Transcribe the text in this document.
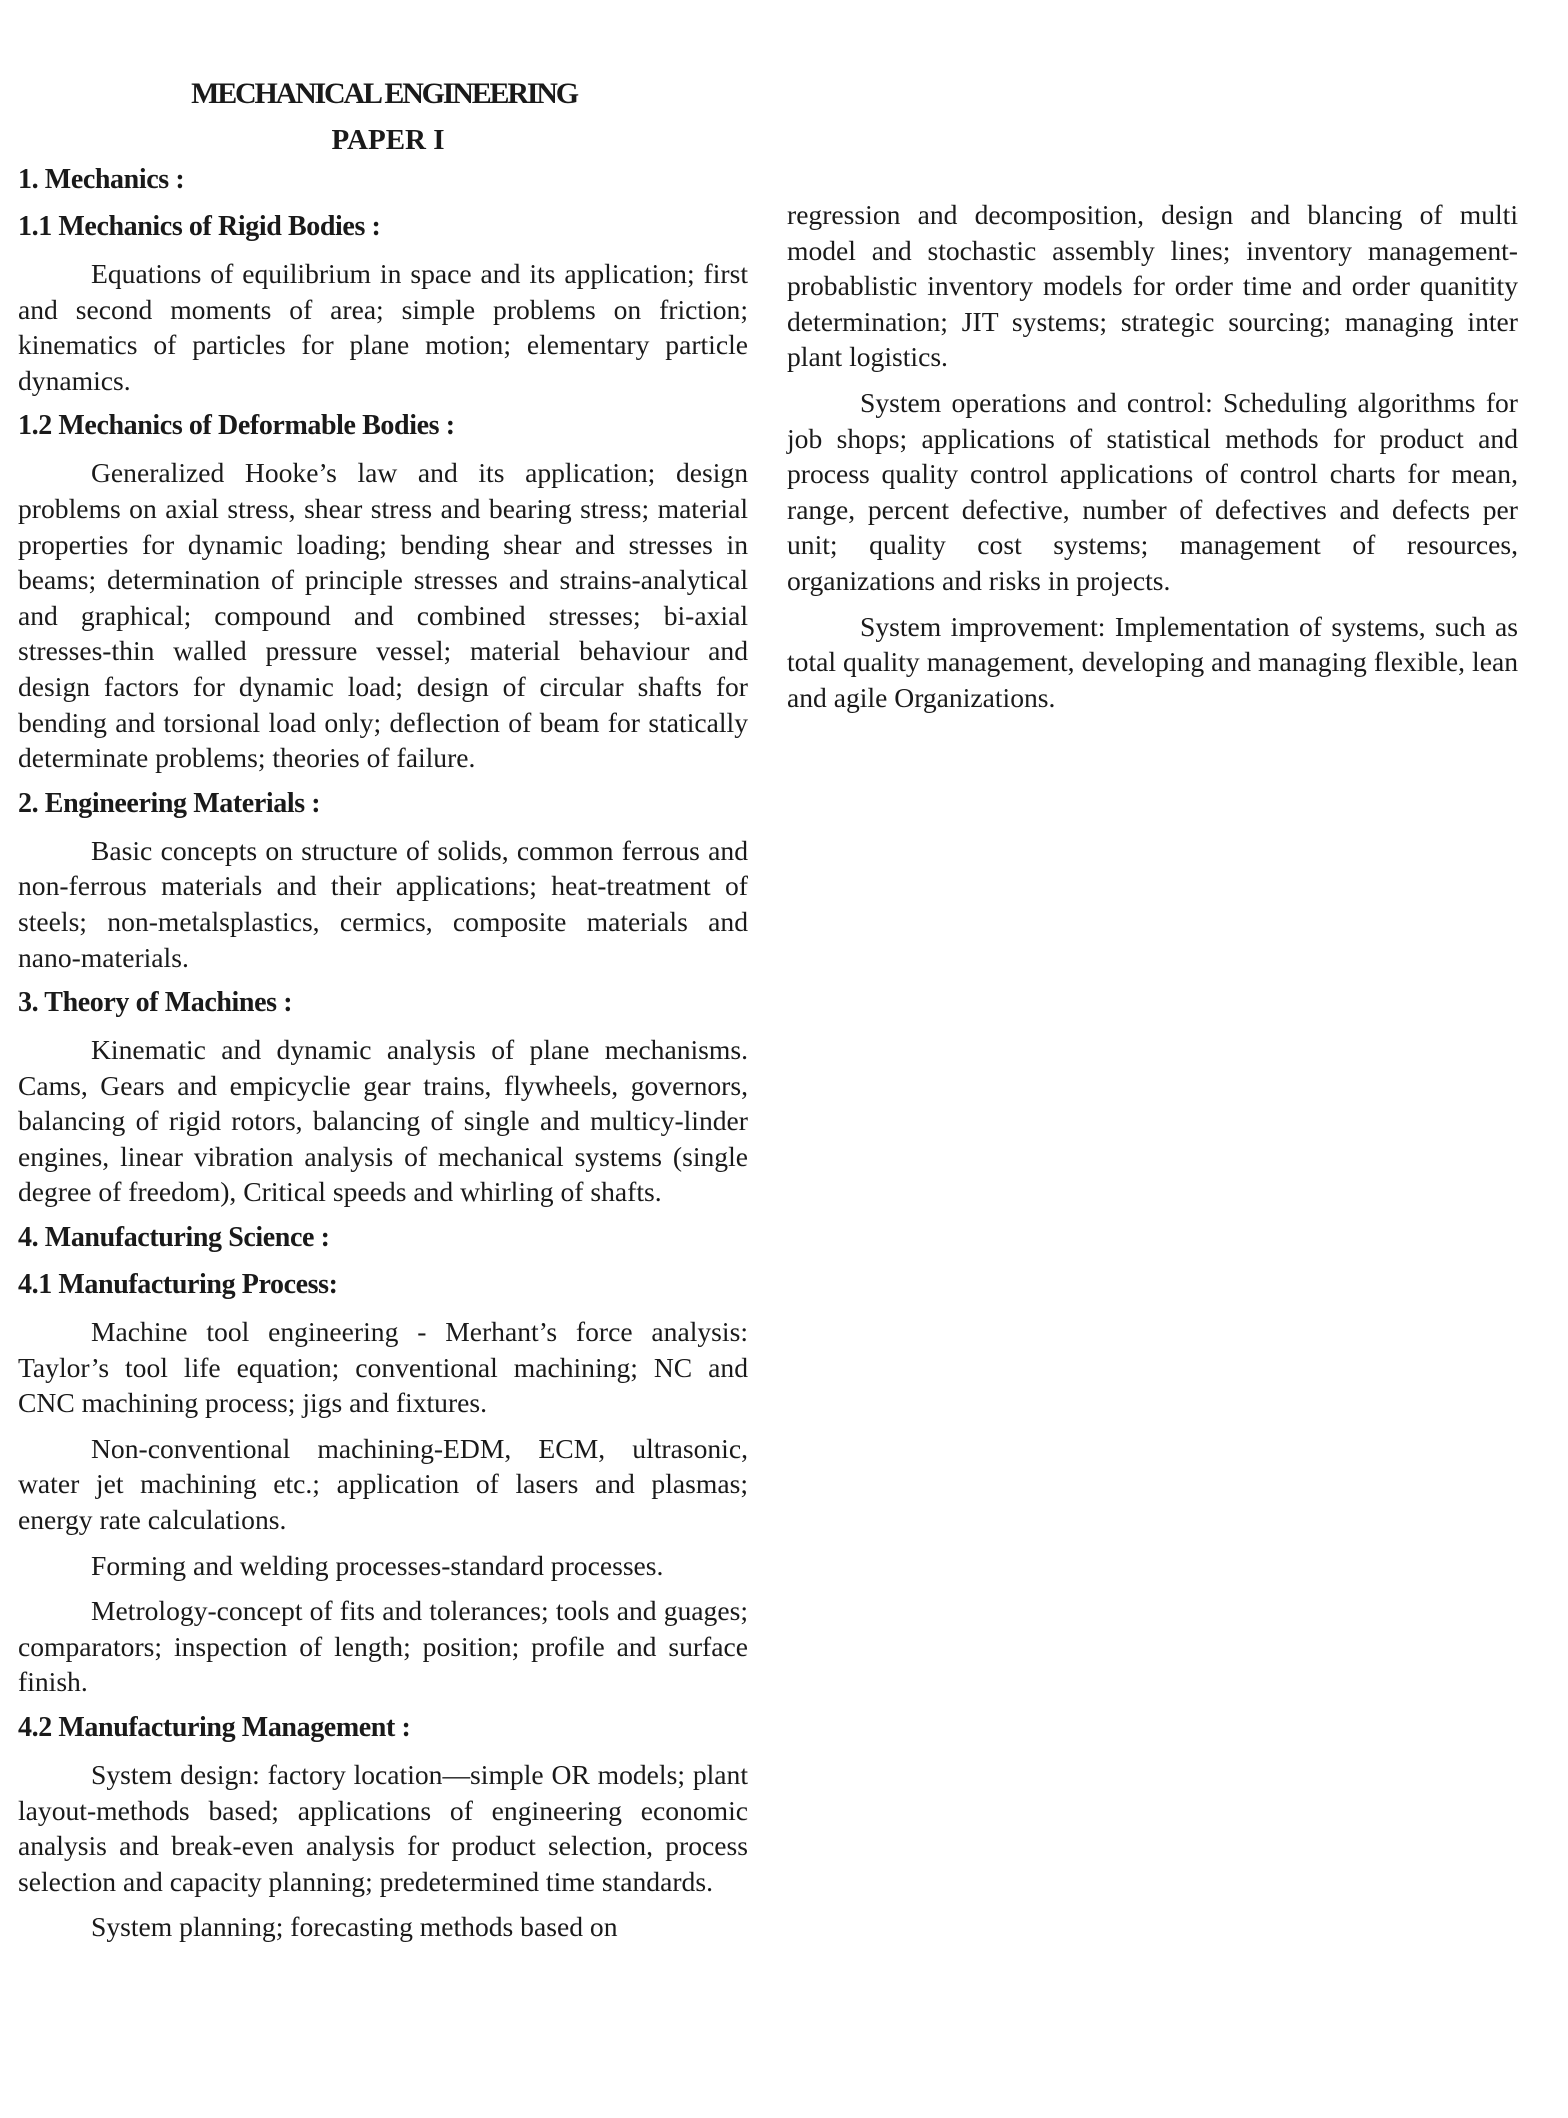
MECHANICAL ENGINEERING
PAPER I
1. Mechanics :
1.1 Mechanics of Rigid Bodies :

Equations of equilibrium in space and its application; first and second moments of area; simple problems on friction; kinematics of particles for plane motion; elementary particle dynamics.

1.2 Mechanics of Deformable Bodies :

Generalized Hooke’s law and its application; design problems on axial stress, shear stress and bearing stress; material properties for dynamic loading; bending shear and stresses in beams; determination of principle stresses and strains-analytical and graphical; compound and combined stresses; bi-axial stresses-thin walled pressure vessel; material behaviour and design factors for dynamic load; design of circular shafts for bending and torsional load only; deflection of beam for statically determinate problems; theories of failure.

2. Engineering Materials :

Basic concepts on structure of solids, common ferrous and non-ferrous materials and their applications; heat-treatment of steels; non-metalsplastics, cermics, composite materials and nano-materials.

3. Theory of Machines :

Kinematic and dynamic analysis of plane mechanisms. Cams, Gears and empicyclie gear trains, flywheels, governors, balancing of rigid rotors, balancing of single and multicy-linder engines, linear vibration analysis of mechanical systems (single degree of freedom), Critical speeds and whirling of shafts.

4. Manufacturing Science :
4.1 Manufacturing Process:

Machine tool engineering - Merhant’s force analysis: Taylor’s tool life equation; conventional machining; NC and CNC machining process; jigs and fixtures.

Non-conventional machining-EDM, ECM, ultrasonic, water jet machining etc.; application of lasers and plasmas; energy rate calculations.

Forming and welding processes-standard processes.

Metrology-concept of fits and tolerances; tools and guages; comparators; inspection of length; position; profile and surface finish.

4.2 Manufacturing Management :

System design: factory location—simple OR models; plant layout-methods based; applications of engineering economic analysis and break-even analysis for product selection, process selection and capacity planning; predetermined time standards.

System planning; forecasting methods based on

regression and decomposition, design and blancing of multi model and stochastic assembly lines; inventory management-probablistic inventory models for order time and order quanitity determination; JIT systems; strategic sourcing; managing inter plant logistics.

System operations and control: Scheduling algorithms for job shops; applications of statistical methods for product and process quality control applications of control charts for mean, range, percent defective, number of defectives and defects per unit; quality cost systems; management of resources, organizations and risks in projects.

System improvement: Implementation of systems, such as total quality management, developing and managing flexible, lean and agile Organizations.
